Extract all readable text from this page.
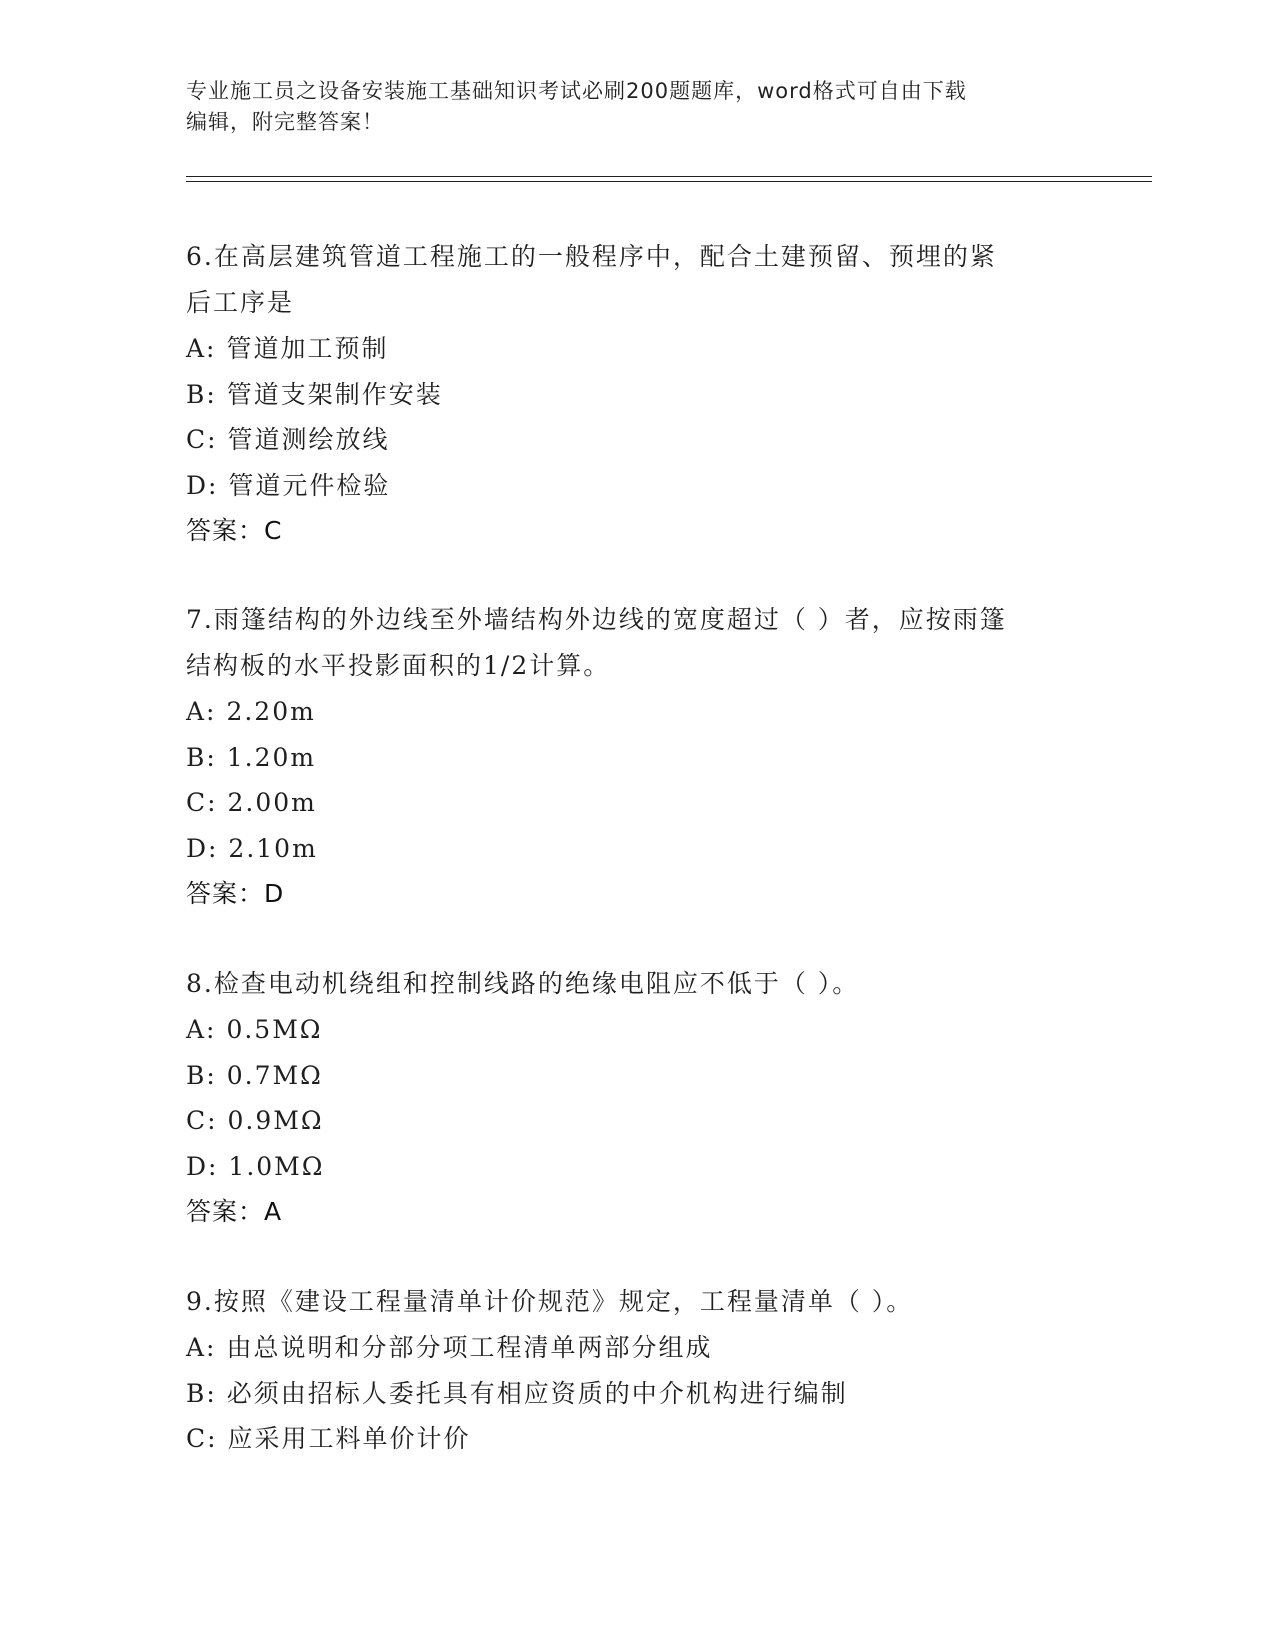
专业施工员之设备安装施工基础知识考试必刷200题题库，word格式可自由下载
编辑，附完整答案！

6.在高层建筑管道工程施工的一般程序中，配合土建预留、预埋的紧

后工序是

A: 管道加工预制

B: 管道支架制作安装

C: 管道测绘放线

D: 管道元件检验

答案：C

7.雨篷结构的外边线至外墙结构外边线的宽度超过（ ）者，应按雨篷

结构板的水平投影面积的1/2计算。

A: 2.20m

B: 1.20m

C: 2.00m

D: 2.10m

答案：D

8.检查电动机绕组和控制线路的绝缘电阻应不低于（ ）。

A: 0.5MΩ

B: 0.7MΩ

C: 0.9MΩ

D: 1.0MΩ

答案：A

9.按照《建设工程量清单计价规范》规定，工程量清单（ ）。

A: 由总说明和分部分项工程清单两部分组成

B: 必须由招标人委托具有相应资质的中介机构进行编制

C: 应采用工料单价计价
